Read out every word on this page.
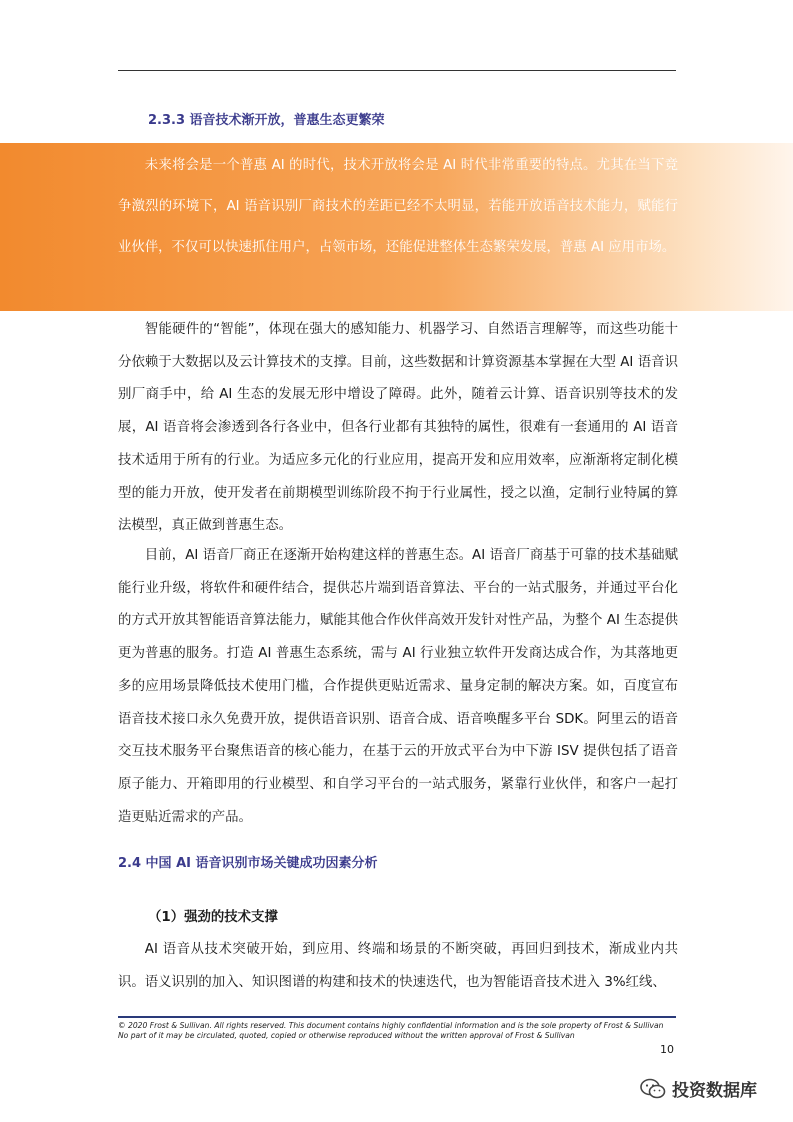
2.3.3 语音技术渐开放，普惠生态更繁荣
未来将会是一个普惠 AI 的时代，技术开放将会是 AI 时代非常重要的特点。尤其在当下竞争激烈的环境下，AI 语音识别厂商技术的差距已经不太明显，若能开放语音技术能力，赋能行业伙伴，不仅可以快速抓住用户，占领市场，还能促进整体生态繁荣发展，普惠 AI 应用市场。

智能硬件的“智能”，体现在强大的感知能力、机器学习、自然语言理解等，而这些功能十分依赖于大数据以及云计算技术的支撑。目前，这些数据和计算资源基本掌握在大型 AI 语音识别厂商手中，给 AI 生态的发展无形中增设了障碍。此外，随着云计算、语音识别等技术的发展，AI 语音将会渗透到各行各业中，但各行业都有其独特的属性，很难有一套通用的 AI 语音技术适用于所有的行业。为适应多元化的行业应用，提高开发和应用效率，应渐渐将定制化模型的能力开放，使开发者在前期模型训练阶段不拘于行业属性，授之以渔，定制行业特属的算法模型，真正做到普惠生态。

目前，AI 语音厂商正在逐渐开始构建这样的普惠生态。AI 语音厂商基于可靠的技术基础赋能行业升级，将软件和硬件结合，提供芯片端到语音算法、平台的一站式服务，并通过平台化的方式开放其智能语音算法能力，赋能其他合作伙伴高效开发针对性产品，为整个 AI 生态提供更为普惠的服务。打造 AI 普惠生态系统，需与 AI 行业独立软件开发商达成合作，为其落地更多的应用场景降低技术使用门槛，合作提供更贴近需求、量身定制的解决方案。如，百度宣布语音技术接口永久免费开放，提供语音识别、语音合成、语音唤醒多平台 SDK。阿里云的语音交互技术服务平台聚焦语音的核心能力，在基于云的开放式平台为中下游 ISV 提供包括了语音原子能力、开箱即用的行业模型、和自学习平台的一站式服务，紧靠行业伙伴，和客户一起打造更贴近需求的产品。

2.4 中国 AI 语音识别市场关键成功因素分析
（1）强劲的技术支撑

AI 语音从技术突破开始，到应用、终端和场景的不断突破，再回归到技术，渐成业内共识。语义识别的加入、知识图谱的构建和技术的快速迭代，也为智能语音技术进入 3%红线、

© 2020 Frost & Sullivan. All rights reserved. This document contains highly confidential information and is the sole property of Frost & Sullivan
No part of it may be circulated, quoted, copied or otherwise reproduced without the written approval of Frost & Sullivan
10
投资数据库
